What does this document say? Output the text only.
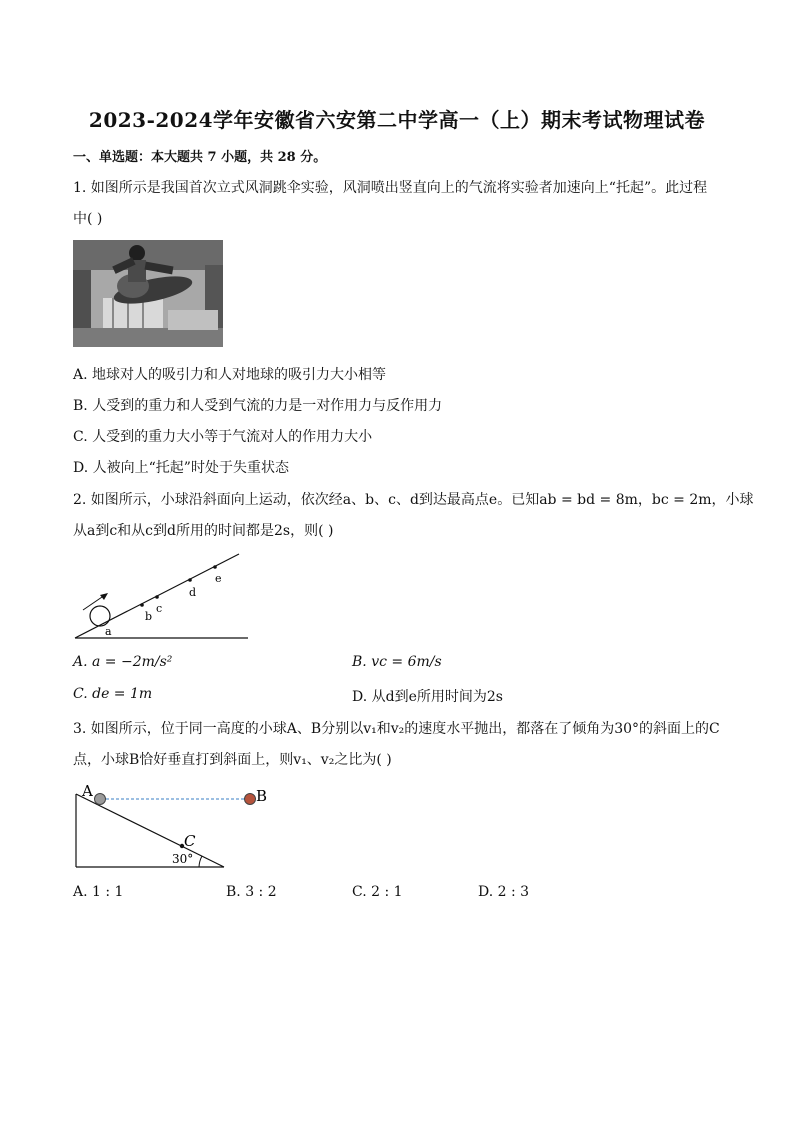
2023-2024学年安徽省六安第二中学高一（上）期末考试物理试卷
一、单选题：本大题共 7 小题，共 28 分。
1. 如图所示是我国首次立式风洞跳伞实验，风洞喷出竖直向上的气流将实验者加速向上“托起”。此过程
中( )
A. 地球对人的吸引力和人对地球的吸引力大小相等
B. 人受到的重力和人受到气流的力是一对作用力与反作用力
C. 人受到的重力大小等于气流对人的作用力大小
D. 人被向上“托起”时处于失重状态
2. 如图所示，小球沿斜面向上运动，依次经a、b、c、d到达最高点e。已知ab = bd = 8m，bc = 2m，小球
从a到c和从c到d所用的时间都是2s，则( )
a
b
c
d
e
A. a = −2m/s²	B. vc = 6m/s
C. de = 1m	D. 从d到e所用时间为2s
3. 如图所示，位于同一高度的小球A、B分别以v₁和v₂的速度水平抛出，都落在了倾角为30°的斜面上的C
点，小球B恰好垂直打到斜面上，则v₁、v₂之比为( )
A	B
C
30°
A. 1 : 1	B. 3 : 2	C. 2 : 1	D. 2 : 3
